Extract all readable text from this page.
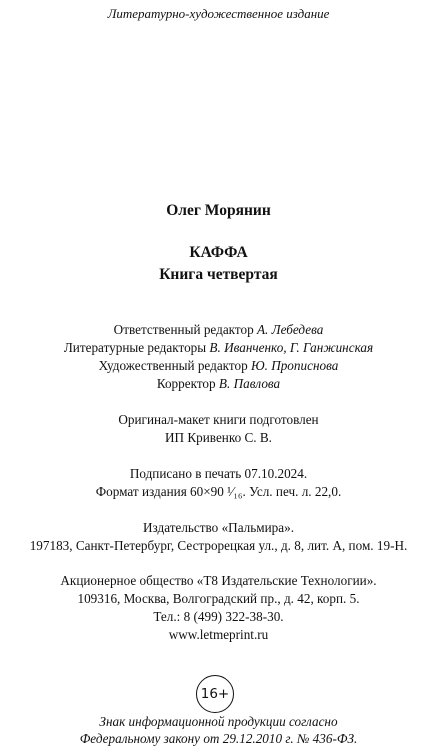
Литературно-художественное издание
Олег Морянин
КАФФА
Книга четвертая
Ответственный редактор А. Лебедева
Литературные редакторы В. Иванченко, Г. Ганжинская
Художественный редактор Ю. Прописнова
Корректор В. Павлова
Оригинал-макет книги подготовлен
ИП Кривенко С. В.
Подписано в печать 07.10.2024.
Формат издания 60×90 ¹⁄₁₆. Усл. печ. л. 22,0.
Издательство «Пальмира».
197183, Санкт-Петербург, Сестрорецкая ул., д. 8, лит. А, пом. 19-Н.
Акционерное общество «Т8 Издательские Технологии».
109316, Москва, Волгоградский пр., д. 42, корп. 5.
Тел.: 8 (499) 322-38-30.
www.letmeprint.ru
16+
Знак информационной продукции согласно
Федеральному закону от 29.12.2010 г. № 436-ФЗ.
